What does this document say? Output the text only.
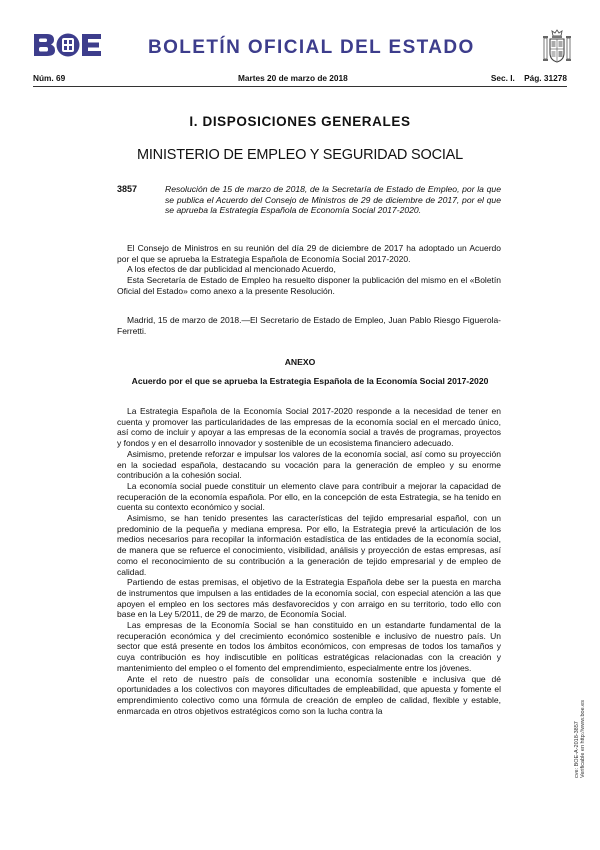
BOLETÍN OFICIAL DEL ESTADO
Núm. 69	Martes 20 de marzo de 2018	Sec. I. Pág. 31278
I. DISPOSICIONES GENERALES
MINISTERIO DE EMPLEO Y SEGURIDAD SOCIAL
3857	Resolución de 15 de marzo de 2018, de la Secretaría de Estado de Empleo, por la que se publica el Acuerdo del Consejo de Ministros de 29 de diciembre de 2017, por el que se aprueba la Estrategia Española de Economía Social 2017-2020.

El Consejo de Ministros en su reunión del día 29 de diciembre de 2017 ha adoptado un Acuerdo por el que se aprueba la Estrategia Española de Economía Social 2017-2020.

A los efectos de dar publicidad al mencionado Acuerdo,

Esta Secretaría de Estado de Empleo ha resuelto disponer la publicación del mismo en el «Boletín Oficial del Estado» como anexo a la presente Resolución.

Madrid, 15 de marzo de 2018.—El Secretario de Estado de Empleo, Juan Pablo Riesgo Figuerola-Ferretti.

ANEXO
Acuerdo por el que se aprueba la Estrategia Española de la Economía Social 2017-2020

La Estrategia Española de la Economía Social 2017-2020 responde a la necesidad de tener en cuenta y promover las particularidades de las empresas de la economía social en el mercado único, así como de incluir y apoyar a las empresas de la economía social a través de programas, proyectos y fondos y en el desarrollo innovador y sostenible de un ecosistema financiero adecuado.

Asimismo, pretende reforzar e impulsar los valores de la economía social, así como su proyección en la sociedad española, destacando su vocación para la generación de empleo y su enorme contribución a la cohesión social.

La economía social puede constituir un elemento clave para contribuir a mejorar la capacidad de recuperación de la economía española. Por ello, en la concepción de esta Estrategia, se ha tenido en cuenta su contexto económico y social.

Asimismo, se han tenido presentes las características del tejido empresarial español, con un predominio de la pequeña y mediana empresa. Por ello, la Estrategia prevé la articulación de los medios necesarios para recopilar la información estadística de las entidades de la economía social, de manera que se refuerce el conocimiento, visibilidad, análisis y proyección de estas empresas, así como el reconocimiento de su contribución a la generación de tejido empresarial y de empleo de calidad.

Partiendo de estas premisas, el objetivo de la Estrategia Española debe ser la puesta en marcha de instrumentos que impulsen a las entidades de la economía social, con especial atención a las que apoyen el empleo en los sectores más desfavorecidos y con arraigo en su territorio, todo ello con base en la Ley 5/2011, de 29 de marzo, de Economía Social.

Las empresas de la Economía Social se han constituido en un estandarte fundamental de la recuperación económica y del crecimiento económico sostenible e inclusivo de nuestro país. Un sector que está presente en todos los ámbitos económicos, con empresas de todos los tamaños y cuya contribución es hoy indiscutible en políticas estratégicas relacionadas con la creación y mantenimiento del empleo o el fomento del emprendimiento, especialmente entre los jóvenes.

Ante el reto de nuestro país de consolidar una economía sostenible e inclusiva que dé oportunidades a los colectivos con mayores dificultades de empleabilidad, que apuesta y fomente el emprendimiento colectivo como una fórmula de creación de empleo de calidad, flexible y estable, enmarcada en otros objetivos estratégicos como son la lucha contra la

cve: BOE-A-2018-3857
Verificable en http://www.boe.es
